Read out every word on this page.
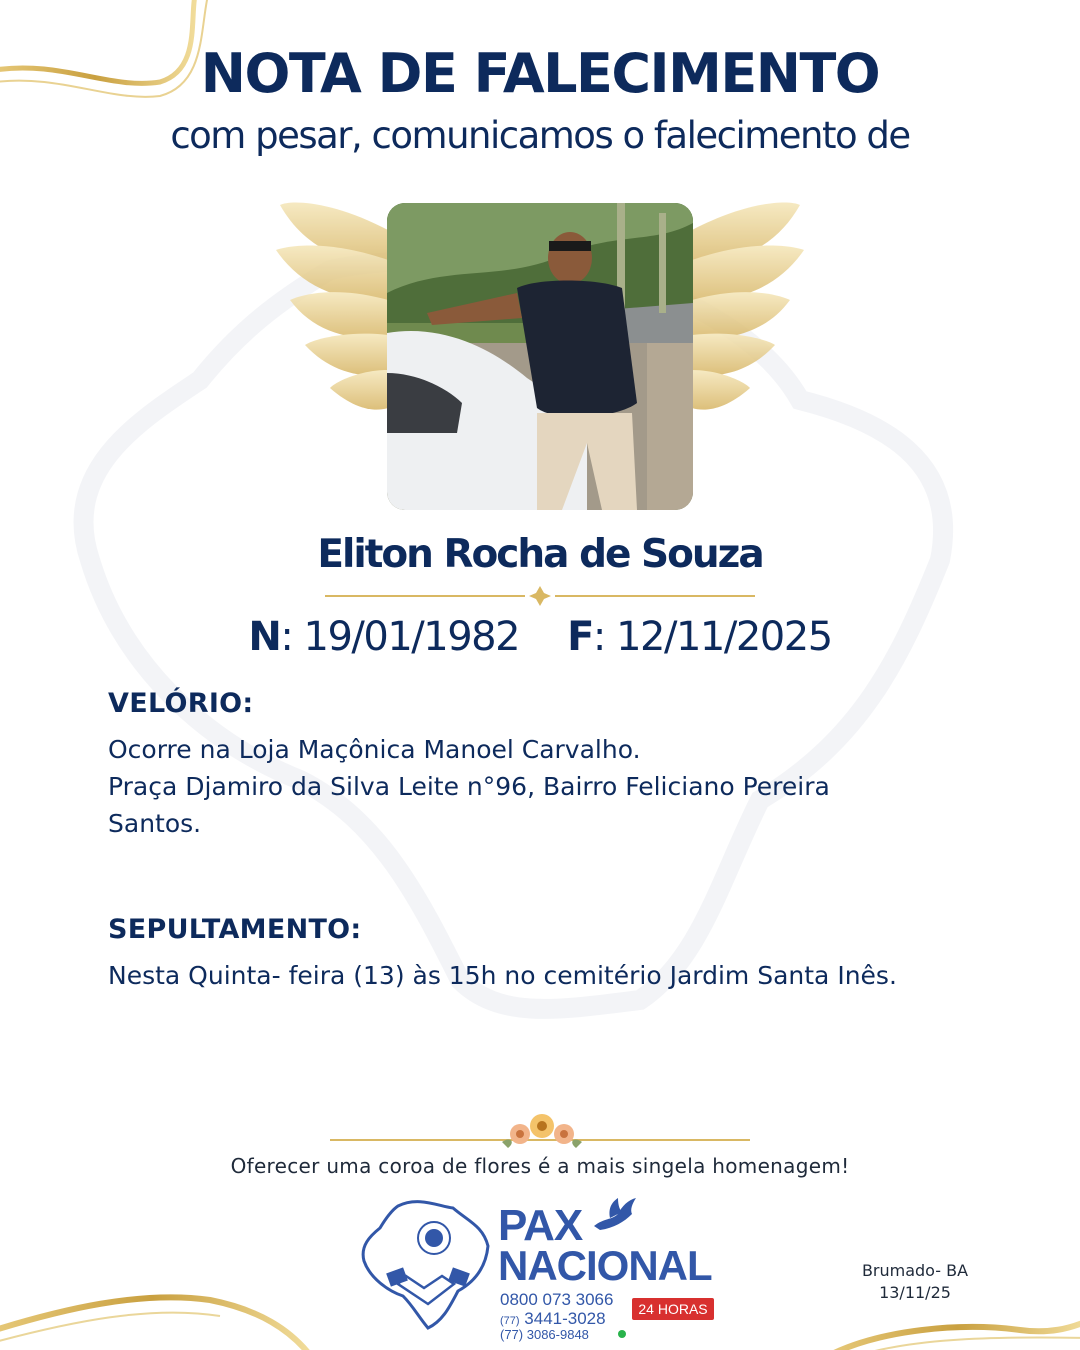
NOTA DE FALECIMENTO
com pesar, comunicamos o falecimento de
Eliton Rocha de Souza
N: 19/01/1982 F: 12/11/2025
VELÓRIO:
Ocorre na Loja Maçônica Manoel Carvalho.
Praça Djamiro da Silva Leite n°96, Bairro Feliciano Pereira
Santos.
SEPULTAMENTO:
Nesta Quinta- feira (13) às 15h no cemitério Jardim Santa Inês.
Oferecer uma coroa de flores é a mais singela homenagem!
PAX
NACIONAL
0800 073 3066
(77) 3441-3028
(77) 3086-9848
24 HORAS
Brumado- BA
13/11/25
